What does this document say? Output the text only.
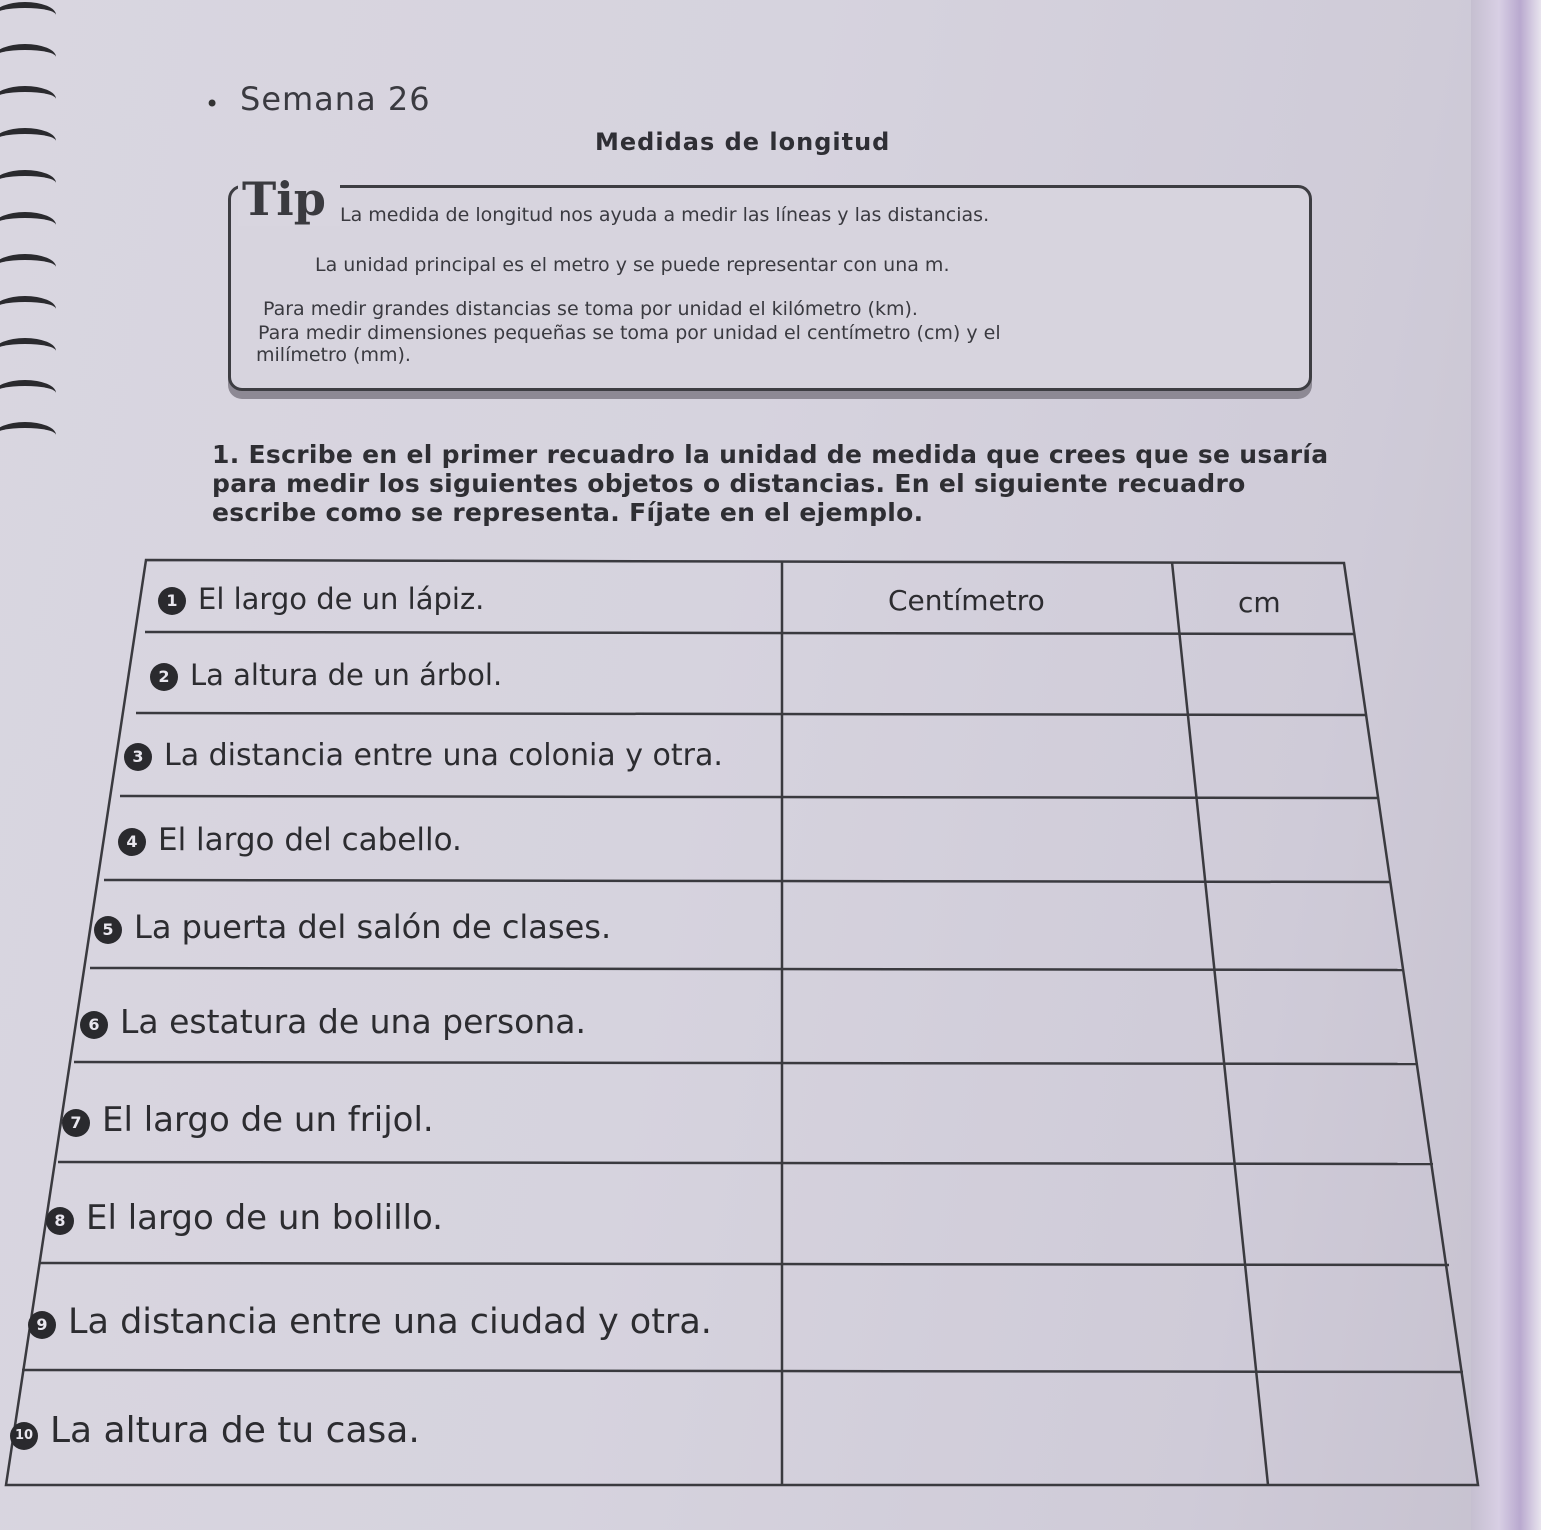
• Semana 26
Medidas de longitud
Tip La medida de longitud nos ayuda a medir las líneas y las distancias.
La unidad principal es el metro y se puede representar con una m.
Para medir grandes distancias se toma por unidad el kilómetro (km).
Para medir dimensiones pequeñas se toma por unidad el centímetro (cm) y el
milímetro (mm).
1. Escribe en el primer recuadro la unidad de medida que crees que se usaría para medir los siguientes objetos o distancias. En el siguiente recuadro escribe como se representa. Fíjate en el ejemplo.
1 El largo de un lápiz.	Centímetro	cm
2 La altura de un árbol.
3 La distancia entre una colonia y otra.
4 El largo del cabello.
5 La puerta del salón de clases.
6 La estatura de una persona.
7 El largo de un frijol.
8 El largo de un bolillo.
9 La distancia entre una ciudad y otra.
10 La altura de tu casa.
